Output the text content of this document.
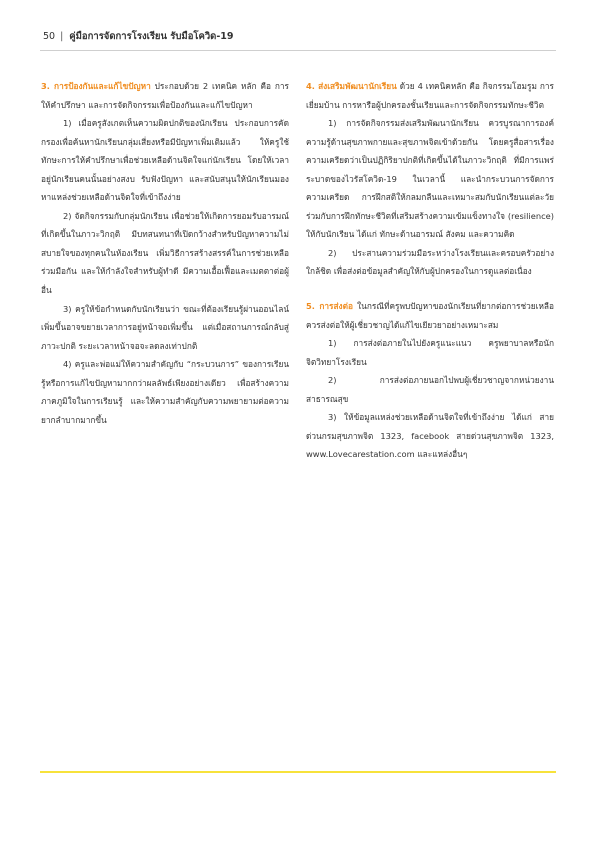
50 | คู่มือการจัดการโรงเรียน รับมือโควิด-19

3. การป้องกันและแก้ไขปัญหา ประกอบด้วย 2 เทคนิค หลัก คือ การให้คำปรึกษา และการจัดกิจกรรมเพื่อป้องกันและแก้ไขปัญหา

1) เมื่อครูสังเกตเห็นความผิดปกติของนักเรียน ประกอบการคัดกรองเพื่อค้นหานักเรียนกลุ่มเสี่ยงหรือมีปัญหาเพิ่มเติมแล้ว ให้ครูใช้ทักษะการให้คำปรึกษาเพื่อช่วยเหลือด้านจิตใจแก่นักเรียน โดยให้เวลาอยู่นักเรียนคนนั้นอย่างสงบ รับฟังปัญหา และสนับสนุนให้นักเรียนมองหาแหล่งช่วยเหลือด้านจิตใจที่เข้าถึงง่าย

2) จัดกิจกรรมกับกลุ่มนักเรียน เพื่อช่วยให้เกิดการยอมรับอารมณ์ที่เกิดขึ้นในภาวะวิกฤติ มีบทสนทนาที่เปิดกว้างสำหรับปัญหาความไม่สบายใจของทุกคนในห้องเรียน เพิ่มวิธีการสร้างสรรค์ในการช่วยเหลือร่วมมือกัน และให้กำลังใจสำหรับผู้ทำดี มีความเอื้อเฟื้อและเมตตาต่อผู้อื่น

3) ครูให้ข้อกำหนดกับนักเรียนว่า ขณะที่ต้องเรียนรู้ผ่านออนไลน์เพิ่มขึ้นอาจขยายเวลาการอยู่หน้าจอเพิ่มขึ้น แต่เมื่อสถานการณ์กลับสู่ภาวะปกติ ระยะเวลาหน้าจอจะลดลงเท่าปกติ

4) ครูและพ่อแม่ให้ความสำคัญกับ “กระบวนการ” ของการเรียนรู้หรือการแก้ไขปัญหามากกว่าผลลัพธ์เพียงอย่างเดียว เพื่อสร้างความภาคภูมิใจในการเรียนรู้ และให้ความสำคัญกับความพยายามต่อความยากลำบากมากขึ้น

4. ส่งเสริมพัฒนานักเรียน ด้วย 4 เทคนิคหลัก คือ กิจกรรมโฮมรูม การเยี่ยมบ้าน การหารือผู้ปกครองชั้นเรียนและการจัดกิจกรรมทักษะชีวิต

1) การจัดกิจกรรมส่งเสริมพัฒนานักเรียน ควรบูรณาการองค์ความรู้ด้านสุขภาพกายและสุขภาพจิตเข้าด้วยกัน โดยครูสื่อสารเรื่องความเครียดว่าเป็นปฏิกิริยาปกติที่เกิดขึ้นได้ในภาวะวิกฤติ ที่มีการแพร่ระบาดของไวรัสโควิด-19 ในเวลานี้ และนำกระบวนการจัดการความเครียด การฝึกสติให้กลมกลืนและเหมาะสมกับนักเรียนแต่ละวัย ร่วมกับการฝึกทักษะชีวิตที่เสริมสร้างความเข้มแข็งทางใจ (resilience) ให้กับนักเรียน ได้แก่ ทักษะด้านอารมณ์ สังคม และความคิด

2) ประสานความร่วมมือระหว่างโรงเรียนและครอบครัวอย่างใกล้ชิด เพื่อส่งต่อข้อมูลสำคัญให้กับผู้ปกครองในการดูแลต่อเนื่อง

5. การส่งต่อ ในกรณีที่ครูพบปัญหาของนักเรียนที่ยากต่อการช่วยเหลือ ควรส่งต่อให้ผู้เชี่ยวชาญได้แก้ไขเยียวยาอย่างเหมาะสม

1) การส่งต่อภายในไปยังครูแนะแนว ครูพยาบาลหรือนักจิตวิทยาโรงเรียน

2) การส่งต่อภายนอกไปพบผู้เชี่ยวชาญจากหน่วยงานสาธารณสุข

3) ให้ข้อมูลแหล่งช่วยเหลือด้านจิตใจที่เข้าถึงง่าย ได้แก่ สายด่วนกรมสุขภาพจิต 1323, facebook สายด่วนสุขภาพจิต 1323, www.Lovecarestation.com และแหล่งอื่นๆ
